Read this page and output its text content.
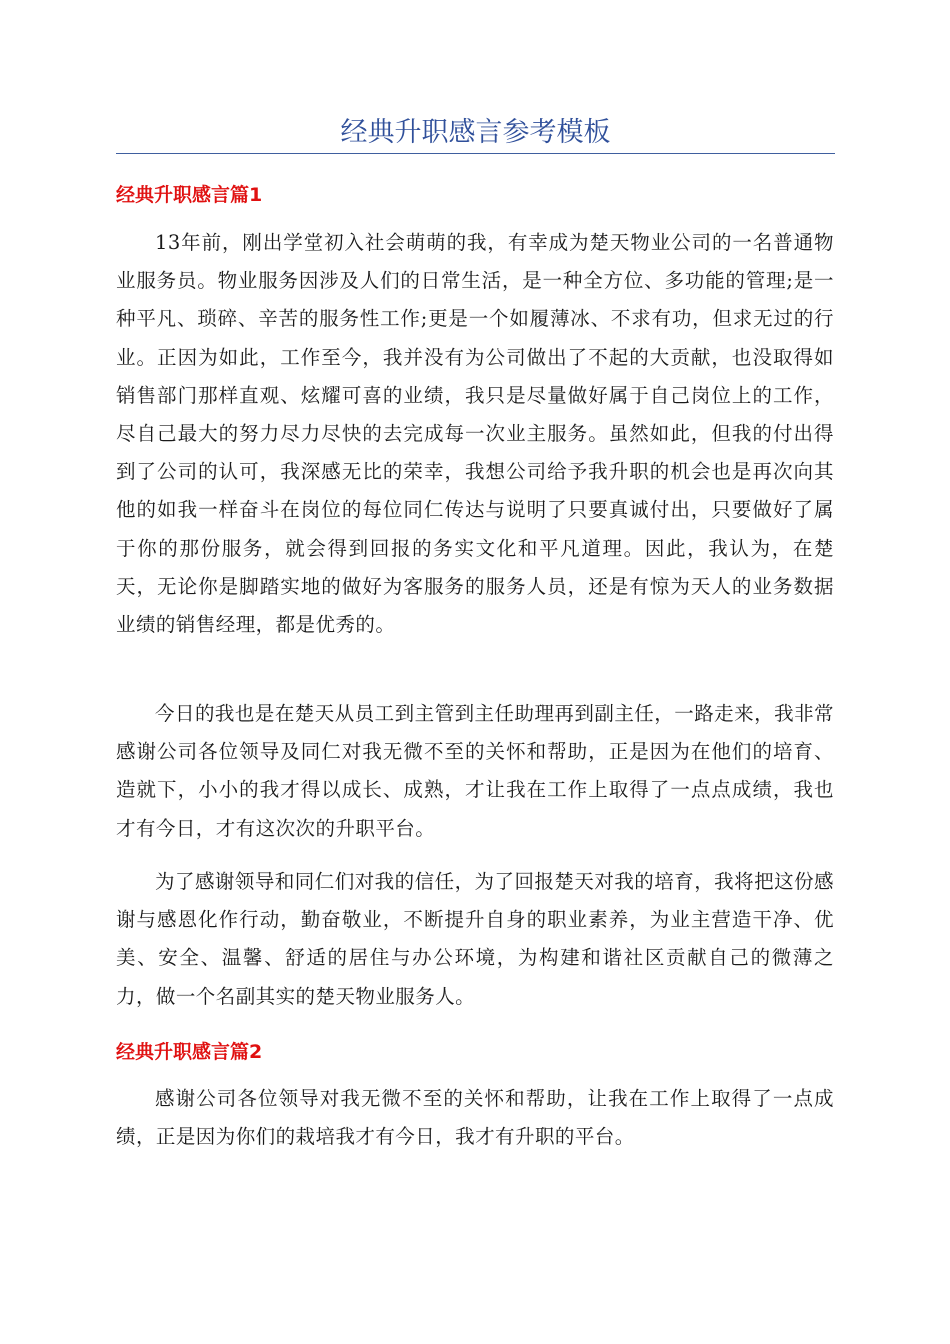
经典升职感言参考模板
经典升职感言篇1

13年前，刚出学堂初入社会萌萌的我，有幸成为楚天物业公司的一名普通物业服务员。物业服务因涉及人们的日常生活，是一种全方位、多功能的管理;是一种平凡、琐碎、辛苦的服务性工作;更是一个如履薄冰、不求有功，但求无过的行业。正因为如此，工作至今，我并没有为公司做出了不起的大贡献，也没取得如销售部门那样直观、炫耀可喜的业绩，我只是尽量做好属于自己岗位上的工作，尽自己最大的努力尽力尽快的去完成每一次业主服务。虽然如此，但我的付出得到了公司的认可，我深感无比的荣幸，我想公司给予我升职的机会也是再次向其他的如我一样奋斗在岗位的每位同仁传达与说明了只要真诚付出，只要做好了属于你的那份服务，就会得到回报的务实文化和平凡道理。因此，我认为，在楚天，无论你是脚踏实地的做好为客服务的服务人员，还是有惊为天人的业务数据业绩的销售经理，都是优秀的。

今日的我也是在楚天从员工到主管到主任助理再到副主任，一路走来，我非常感谢公司各位领导及同仁对我无微不至的关怀和帮助，正是因为在他们的培育、造就下，小小的我才得以成长、成熟，才让我在工作上取得了一点点成绩，我也才有今日，才有这次次的升职平台。

为了感谢领导和同仁们对我的信任，为了回报楚天对我的培育，我将把这份感谢与感恩化作行动，勤奋敬业，不断提升自身的职业素养，为业主营造干净、优美、安全、温馨、舒适的居住与办公环境，为构建和谐社区贡献自己的微薄之力，做一个名副其实的楚天物业服务人。

经典升职感言篇2

感谢公司各位领导对我无微不至的关怀和帮助，让我在工作上取得了一点成绩，正是因为你们的栽培我才有今日，我才有升职的平台。
